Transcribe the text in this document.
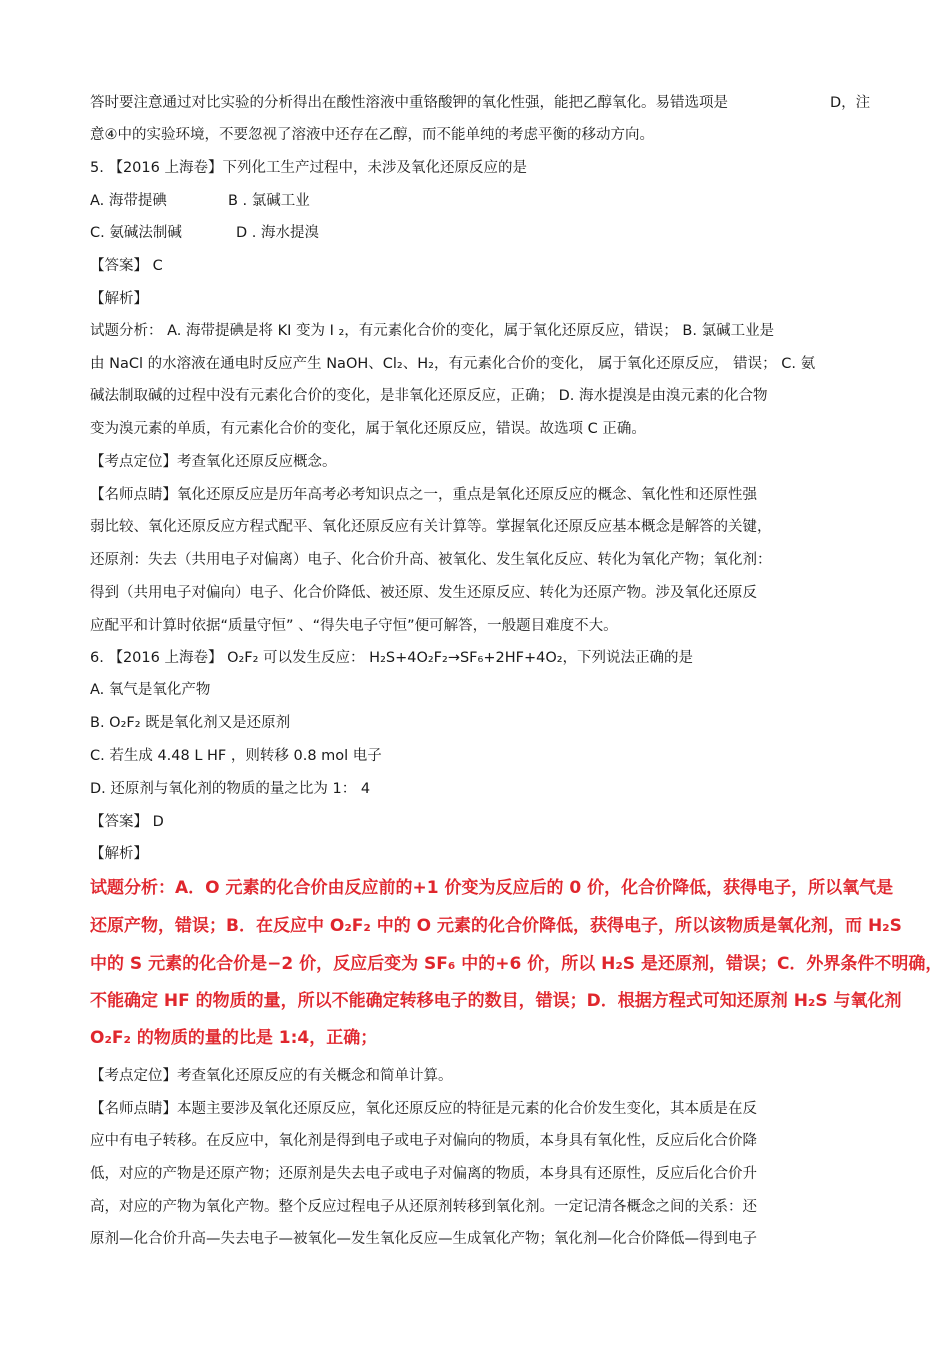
答时要注意通过对比实验的分析得出在酸性溶液中重铬酸钾的氧化性强，能把乙醇氧化。易错选项是	D，注
意④中的实验环境，不要忽视了溶液中还存在乙醇，而不能单纯的考虑平衡的移动方向。
5. 【2016 上海卷】下列化工生产过程中，未涉及氧化还原反应的是
A. 海带提碘	B . 氯碱工业
C. 氨碱法制碱	D . 海水提溴
【答案】 C
【解析】
试题分析： A. 海带提碘是将 KI 变为 I ₂，有元素化合价的变化，属于氧化还原反应，错误； B. 氯碱工业是
由 NaCl 的水溶液在通电时反应产生 NaOH、Cl₂、H₂，有元素化合价的变化， 属于氧化还原反应， 错误； C. 氨
碱法制取碱的过程中没有元素化合价的变化，是非氧化还原反应，正确； D. 海水提溴是由溴元素的化合物
变为溴元素的单质，有元素化合价的变化，属于氧化还原反应，错误。故选项 C 正确。
【考点定位】考查氧化还原反应概念。
【名师点睛】氧化还原反应是历年高考必考知识点之一，重点是氧化还原反应的概念、氧化性和还原性强
弱比较、氧化还原反应方程式配平、氧化还原反应有关计算等。掌握氧化还原反应基本概念是解答的关键，
还原剂：失去（共用电子对偏离）电子、化合价升高、被氧化、发生氧化反应、转化为氧化产物；氧化剂：
得到（共用电子对偏向）电子、化合价降低、被还原、发生还原反应、转化为还原产物。涉及氧化还原反
应配平和计算时依据“质量守恒” 、“得失电子守恒”便可解答，一般题目难度不大。
6. 【2016 上海卷】 O₂F₂ 可以发生反应： H₂S+4O₂F₂→SF₆+2HF+4O₂，下列说法正确的是
A. 氧气是氧化产物
B. O₂F₂ 既是氧化剂又是还原剂
C. 若生成 4.48 L HF ，则转移 0.8 mol 电子
D. 还原剂与氧化剂的物质的量之比为 1： 4
【答案】 D
【解析】
试题分析：A．O 元素的化合价由反应前的+1 价变为反应后的 0 价，化合价降低，获得电子，所以氧气是
还原产物，错误；B．在反应中 O₂F₂ 中的 O 元素的化合价降低，获得电子，所以该物质是氧化剂，而 H₂S
中的 S 元素的化合价是−2 价，反应后变为 SF₆ 中的+6 价，所以 H₂S 是还原剂，错误；C．外界条件不明确，
不能确定 HF 的物质的量，所以不能确定转移电子的数目，错误；D．根据方程式可知还原剂 H₂S 与氧化剂
O₂F₂ 的物质的量的比是 1:4，正确；
【考点定位】考查氧化还原反应的有关概念和简单计算。
【名师点睛】本题主要涉及氧化还原反应，氧化还原反应的特征是元素的化合价发生变化，其本质是在反
应中有电子转移。在反应中，氧化剂是得到电子或电子对偏向的物质，本身具有氧化性，反应后化合价降
低，对应的产物是还原产物；还原剂是失去电子或电子对偏离的物质，本身具有还原性，反应后化合价升
高，对应的产物为氧化产物。整个反应过程电子从还原剂转移到氧化剂。一定记清各概念之间的关系：还
原剂—化合价升高—失去电子—被氧化—发生氧化反应—生成氧化产物；氧化剂—化合价降低—得到电子
